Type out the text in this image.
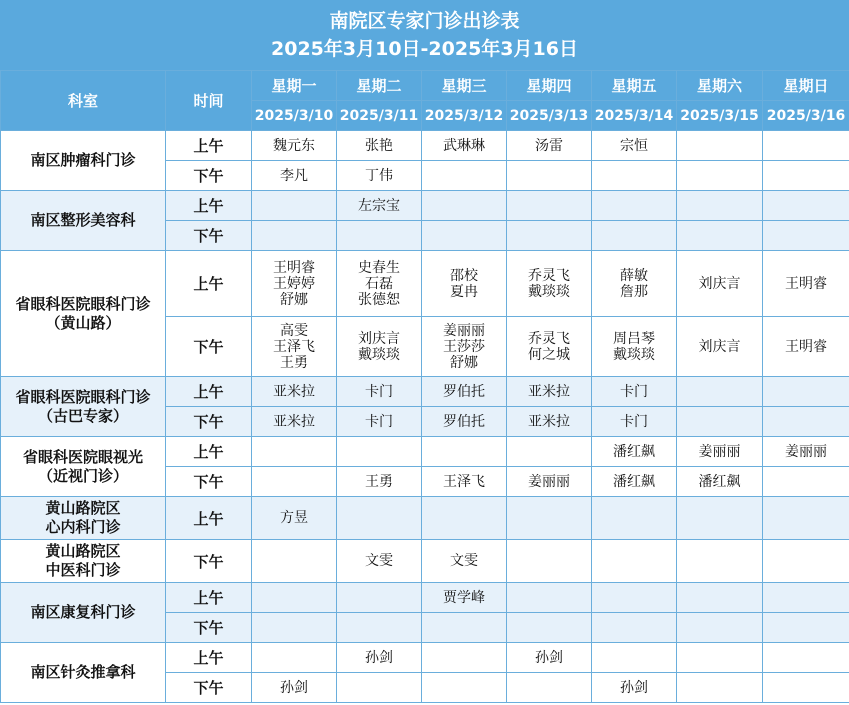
南院区专家门诊出诊表
2025年3月10日-2025年3月16日
科室	时间	星期一	星期二	星期三	星期四	星期五	星期六	星期日
		2025/3/10	2025/3/11	2025/3/12	2025/3/13	2025/3/14	2025/3/15	2025/3/16

南区肿瘤科门诊	上午	魏元东	张艳	武琳琳	汤雷	宗恒		

	下午	李凡	丁伟					

南区整形美容科	上午		左宗宝					

	下午							

省眼科医院眼科门诊
（黄山路）	上午	王明睿
王婷婷
舒娜	史春生
石磊
张德恕	邵校
夏冉	乔灵飞
戴琰琰	薛敏
詹那	刘庆言	王明睿

	下午	高雯
王泽飞
王勇	刘庆言
戴琰琰	姜丽丽
王莎莎
舒娜	乔灵飞
何之城	周吕琴
戴琰琰	刘庆言	王明睿

省眼科医院眼科门诊
（古巴专家）	上午	亚米拉	卡门	罗伯托	亚米拉	卡门		

	下午	亚米拉	卡门	罗伯托	亚米拉	卡门		

省眼科医院眼视光
（近视门诊）	上午					潘红飙	姜丽丽	姜丽丽

	下午		王勇	王泽飞	姜丽丽	潘红飙	潘红飙	

黄山路院区
心内科门诊	上午	方昱						

黄山路院区
中医科门诊	下午		文雯	文雯				

南区康复科门诊	上午			贾学峰				

	下午							

南区针灸推拿科	上午		孙剑		孙剑			

	下午	孙剑				孙剑		
